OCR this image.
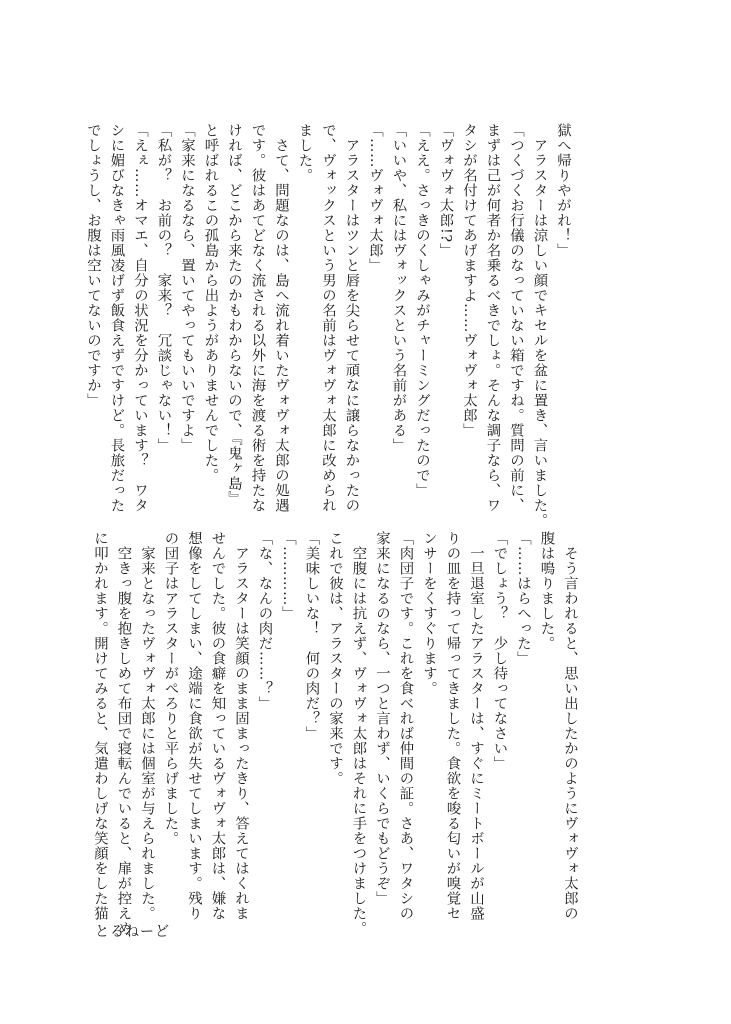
獄へ帰りやがれ！」
　アラスターは涼しい顔でキセルを盆に置き、言いました。
「つくづくお行儀のなっていない箱ですね。質問の前に、
まずは己が何者か名乗るべきでしょ。そんな調子なら、ワ
タシが名付けてあげますよ……ヴォヴォ太郎」
「ヴォヴォ太郎!?」
「ええ。さっきのくしゃみがチャーミングだったので」
「いいや、私にはヴォックスという名前がある」
「……ヴォヴォ太郎」
　アラスターはツンと唇を尖らせて頑なに譲らなかったの
で、ヴォックスという男の名前はヴォヴォ太郎に改められ
ました。
　さて、問題なのは、島へ流れ着いたヴォヴォ太郎の処遇
です。彼はあてどなく流される以外に海を渡る術を持たな
ければ、どこから来たのかもわからないので、『鬼ヶ島』
と呼ばれるこの孤島から出ようがありませんでした。
「家来になるなら、置いてやってもいいですよ」
「私が？　お前の？　家来？　冗談じゃない！」
「えぇ……オマエ、自分の状況を分かっています？　ワタ
シに媚びなきゃ雨風凌げず飯食えずですけど。長旅だった
でしょうし、お腹は空いてないのですか」
　そう言われると、思い出したかのようにヴォヴォ太郎の
腹は鳴りました。
「……はらへった」
「でしょう？　少し待ってなさい」
　一旦退室したアラスターは、すぐにミートボールが山盛
りの皿を持って帰ってきました。食欲を唆る匂いが嗅覚セ
ンサーをくすぐります。
「肉団子です。これを食べれば仲間の証。さあ、ワタシの
家来になるのなら、一つと言わず、いくらでもどうぞ」
　空腹には抗えず、ヴォヴォ太郎はそれに手をつけました。
これで彼は、アラスターの家来です。
「美味しいな！　何の肉だ？」
「…………」
「な、なんの肉だ……？」
　アラスターは笑顔のまま固まったきり、答えてはくれま
せんでした。彼の食癖を知っているヴォヴォ太郎は、嫌な
想像をしてしまい、途端に食欲が失せてしまいます。残り
の団子はアラスターがぺろりと平らげました。
　家来となったヴォヴォ太郎には個室が与えられました。
　空きっ腹を抱きしめて布団で寝転んでいると、扉が控えめ
に叩かれます。開けてみると、気遣わしげな笑顔をした猫

とるねーど
